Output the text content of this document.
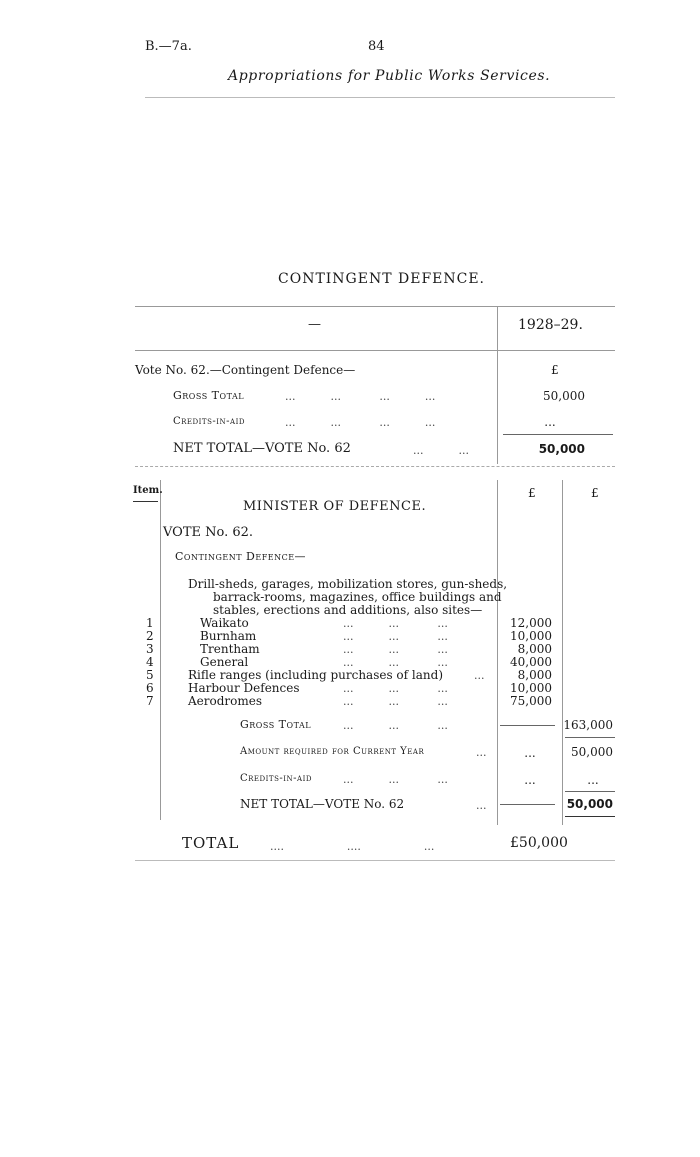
B.—7a.	84
Appropriations for Public Works Services.
CONTINGENT DEFENCE.
—	1928–29.
Vote No. 62.—Contingent Defence—	£
Gross Total	...          ...           ...          ...	50,000
Credits-in-aid	...          ...           ...          ...	...
NET TOTAL—VOTE No. 62	...          ...	50,000
Item.	£	£
MINISTER OF DEFENCE.
VOTE No. 62.
Contingent Defence—
Drill-sheds, garages, mobilization stores, gun-sheds,
barrack-rooms, magazines, office buildings and
stables, erections and additions, also sites—
1	Waikato	...          ...           ...	12,000
2	Burnham	...          ...           ...	10,000
3	Trentham	...          ...           ...	8,000
4	General	...          ...           ...	40,000
5	Rifle ranges (including purchases of land)	...	8,000
6	Harbour Defences	...          ...           ...	10,000
7	Aerodromes	...          ...           ...	75,000
Gross Total	...          ...           ...	163,000
Amount required for Current Year	...	...	50,000
Credits-in-aid	...          ...           ...	...	...
NET TOTAL—VOTE No. 62	...	50,000
TOTAL	....                  ....                  ...	£50,000
